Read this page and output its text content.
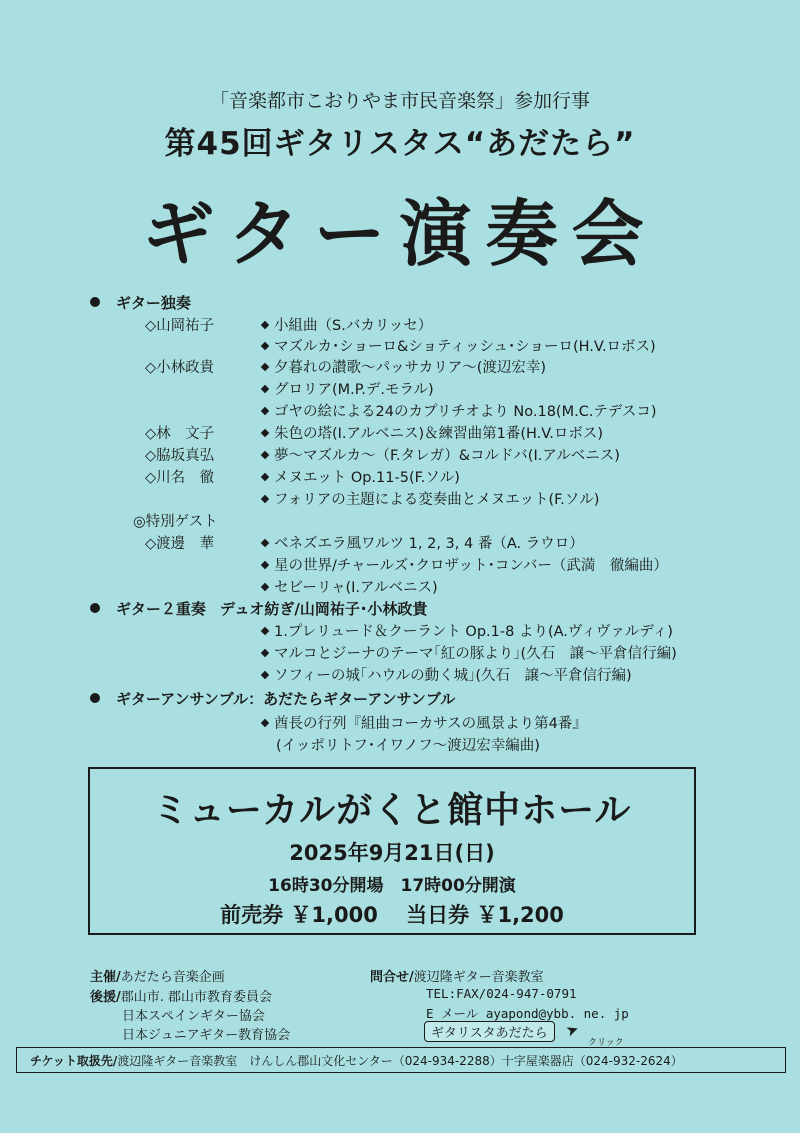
「音楽都市こおりやま市民音楽祭」参加行事
第45回ギタリスタス“あだたら”
ギター演奏会
ギター独奏
◇山岡祐子	小組曲（S.バカリッセ）
マズルカ･ショーロ&ショティッシュ･ショーロ(H.V.ロボス)
◇小林政貴	夕暮れの讃歌～パッサカリア～(渡辺宏幸)
グロリア(M.P.デ.モラル)
ゴヤの絵による24のカプリチオより No.18(M.C.テデスコ)
◇林　文子	朱色の塔(I.アルベニス)＆練習曲第1番(H.V.ロボス)
◇脇坂真弘	夢～マズルカ～（F.タレガ）&コルドバ(I.アルベニス)
◇川名　徹	メヌエット Op.11-5(F.ソル)
フォリアの主題による変奏曲とメヌエット(F.ソル)
◎特別ゲスト
◇渡邊　華	ベネズエラ風ワルツ 1, 2, 3, 4 番（A. ラウロ）
星の世界/チャールズ･クロザット･コンバー（武満　徹編曲）
セビーリャ(I.アルベニス)
ギター２重奏 デュオ紡ぎ/山岡祐子･小林政貴
1.プレリュード＆クーラント Op.1-8 より(A.ヴィヴァルディ)
マルコとジーナのテーマ｢紅の豚より｣(久石　譲～平倉信行編)
ソフィーの城｢ハウルの動く城｣(久石　譲～平倉信行編)
ギターアンサンブル：あだたらギターアンサンブル
酋長の行列『組曲コーカサスの風景より第4番』
(イッポリトフ･イワノフ～渡辺宏幸編曲)
ミューカルがくと館中ホール
2025年9月21日(日)
16時30分開場　17時00分開演
前売券 ￥1,000　 当日券 ￥1,200
主催/あだたら音楽企画
後援/郡山市. 郡山市教育委員会
日本スペインギター協会
日本ジュニアギター教育協会
問合せ/渡辺隆ギター音楽教室
TEL:FAX/024-947-0791
E メール ayapond@ybb. ne. jp
ギタリスタあだたら	➤
クリック
チケット取扱先/渡辺隆ギター音楽教室　けんしん郡山文化センター（024-934-2288）十字屋楽器店（024-932-2624）
